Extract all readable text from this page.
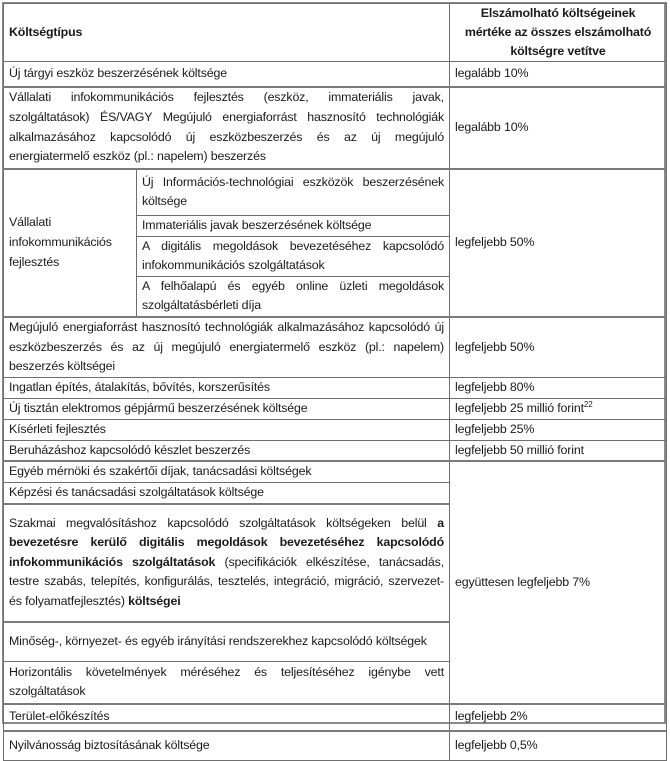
Költségtípus		Elszámolható költségeinek
mértéke az összes elszámolható
költségre vetítve
Új tárgyi eszköz beszerzésének költsége		legalább 10%
Vállalati infokommunikációs fejlesztés (eszköz, immateriális javak, szolgáltatások) ÉS/VAGY Megújuló energiaforrást hasznosító technológiák alkalmazásához kapcsolódó új eszközbeszerzés és az új megújuló energiatermelő eszköz (pl.: napelem) beszerzés		legalább 10%
Vállalati infokommunikációs fejlesztés	Új Információs-technológiai eszközök beszerzésének költsége	legfeljebb 50%
	Immateriális javak beszerzésének költsége	
	A digitális megoldások bevezetéséhez kapcsolódó infokommunikációs szolgáltatások	
	A felhőalapú és egyéb online üzleti megoldások szolgáltatásbérleti díja	
Megújuló energiaforrást hasznosító technológiák alkalmazásához kapcsolódó új eszközbeszerzés és az új megújuló energiatermelő eszköz (pl.: napelem) beszerzés költségei		legfeljebb 50%
Ingatlan építés, átalakítás, bővítés, korszerűsítés		legfeljebb 80%
Új tisztán elektromos gépjármű beszerzésének költsége		legfeljebb 25 millió forint$^{22}$
Kísérleti fejlesztés		legfeljebb 25%
Beruházáshoz kapcsolódó készlet beszerzés		legfeljebb 50 millió forint
Egyéb mérnöki és szakértői díjak, tanácsadási költségek		együttesen legfeljebb 7%
Képzési és tanácsadási szolgáltatások költsége		
Szakmai megvalósításhoz kapcsolódó szolgáltatások költségeken belül a bevezetésre kerülő digitális megoldások bevezetéséhez kapcsolódó infokommunikációs szolgáltatások (specifikációk elkészítése, tanácsadás, testre szabás, telepítés, konfigurálás, tesztelés, integráció, migráció, szervezet- és folyamatfejlesztés) költségei		
Minőség-, környezet- és egyéb irányítási rendszerekhez kapcsolódó költségek		
Horizontális követelmények méréséhez és teljesítéséhez igénybe vett szolgáltatások		
Terület-előkészítés		legfeljebb 2%
Nyilvánosság biztosításának költsége		legfeljebb 0,5%
